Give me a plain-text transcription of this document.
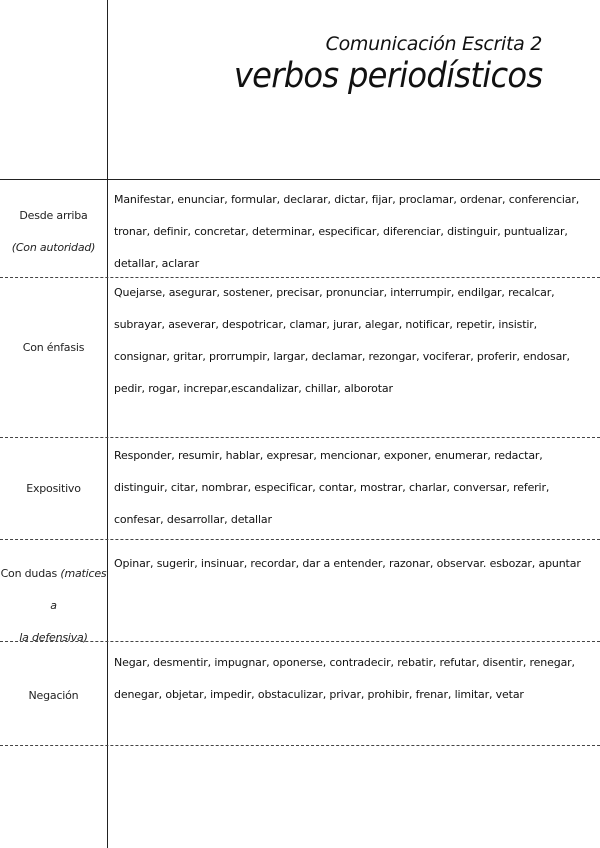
Comunicación Escrita 2
verbos periodísticos
Desde arriba
(Con autoridad)
Manifestar, enunciar, formular, declarar, dictar, fijar, proclamar, ordenar, conferenciar, tronar, definir, concretar, determinar, especificar, diferenciar, distinguir, puntualizar, detallar, aclarar
Con énfasis
Quejarse, asegurar, sostener, precisar, pronunciar, interrumpir, endilgar, recalcar, subrayar, aseverar, despotricar, clamar, jurar, alegar, notificar, repetir, insistir, consignar, gritar, prorrumpir, largar, declamar, rezongar, vociferar, proferir, endosar, pedir, rogar, increpar,escandalizar, chillar, alborotar
Expositivo
Responder, resumir, hablar, expresar, mencionar, exponer, enumerar, redactar, distinguir, citar, nombrar, especificar, contar, mostrar, charlar, conversar, referir, confesar, desarrollar, detallar
Con dudas (matices a
la defensiva)
Opinar, sugerir, insinuar, recordar, dar a entender, razonar, observar. esbozar, apuntar
Negación
Negar, desmentir, impugnar, oponerse, contradecir, rebatir, refutar, disentir, renegar, denegar, objetar, impedir, obstaculizar, privar, prohibir, frenar, limitar, vetar
